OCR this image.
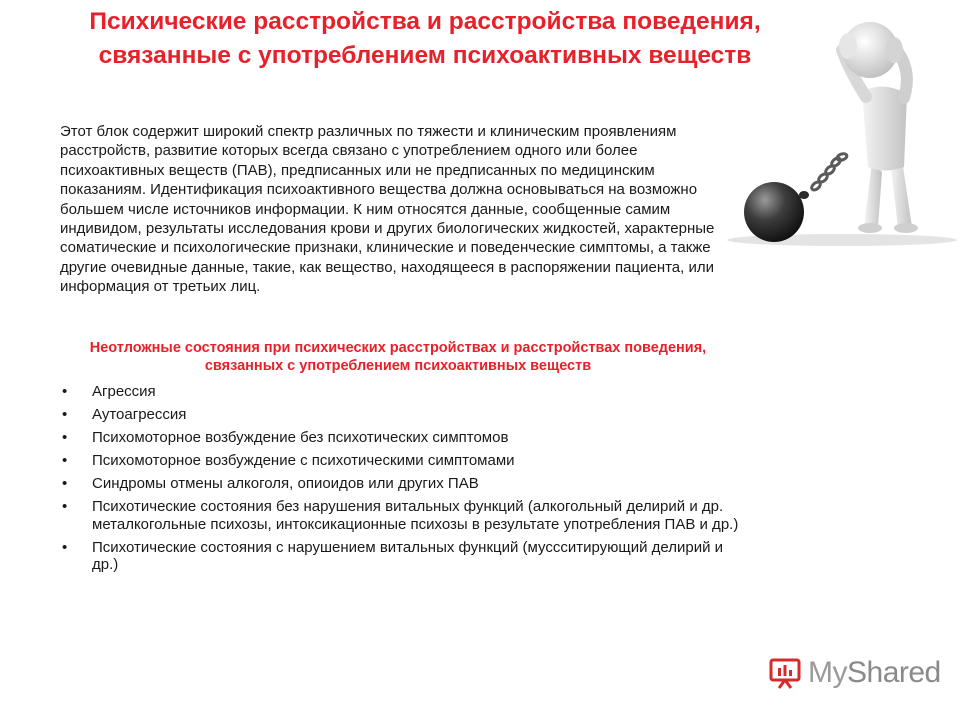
Психические расстройства и расстройства поведения, связанные с употреблением психоактивных веществ

Этот блок содержит широкий спектр различных по тяжести и клиническим проявлениям расстройств, развитие которых всегда связано с употреблением одного или более психоактивных веществ (ПАВ), предписанных или не предписанных по медицинским показаниям. Идентификация психоактивного вещества должна основываться на возможно большем числе источников информации. К ним относятся данные, сообщенные самим индивидом, результаты исследования крови и других биологических жидкостей, характерные соматические и психологические признаки, клинические и поведенческие симптомы, а также другие очевидные данные, такие, как вещество, находящееся в распоряжении пациента, или информация от третьих лиц.

Неотложные состояния при психических расстройствах и расстройствах поведения, связанных с употреблением психоактивных веществ

• Агрессия
• Аутоагрессия
• Психомоторное возбуждение без психотических симптомов
• Психомоторное возбуждение с психотическими симптомами
• Синдромы отмены алкоголя, опиоидов или других ПАВ
• Психотические состояния без нарушения витальных функций (алкогольный делирий и др. металкогольные психозы, интоксикационные психозы в результате употребления ПАВ и др.)
• Психотические состояния с нарушением витальных функций (муссситирующий делирий и др.)
MyShared
